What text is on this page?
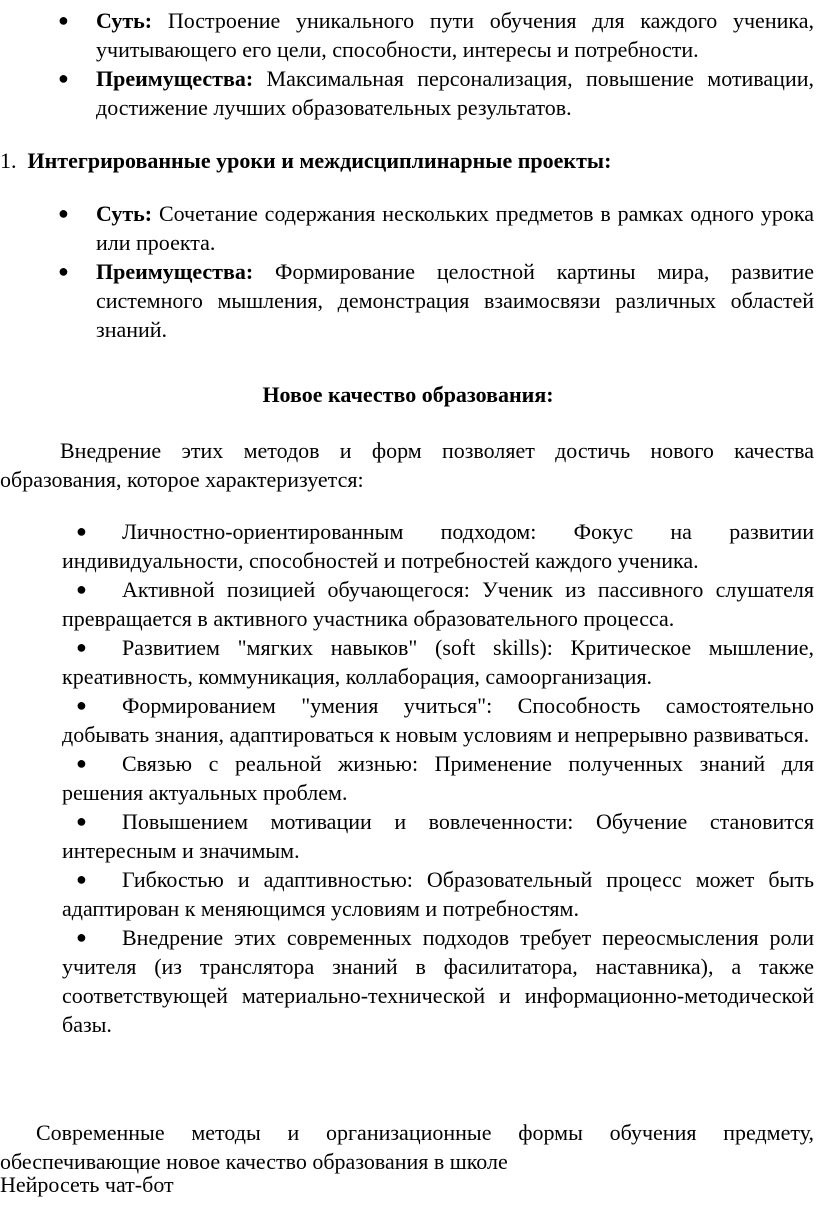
●	Суть: Построение уникального пути обучения для каждого ученика, учитывающего его цели, способности, интересы и потребности.
●	Преимущества: Максимальная персонализация, повышение мотивации, достижение лучших образовательных результатов.
1. Интегрированные уроки и междисциплинарные проекты:
●	Суть: Сочетание содержания нескольких предметов в рамках одного урока или проекта.
●	Преимущества: Формирование целостной картины мира, развитие системного мышления, демонстрация взаимосвязи различных областей знаний.
Новое качество образования:
Внедрение этих методов и форм позволяет достичь нового качества образования, которое характеризуется:
● Личностно-ориентированным подходом: Фокус на развитии индивидуальности, способностей и потребностей каждого ученика.
● Активной позицией обучающегося: Ученик из пассивного слушателя превращается в активного участника образовательного процесса.
● Развитием "мягких навыков" (soft skills): Критическое мышление, креативность, коммуникация, коллаборация, самоорганизация.
● Формированием "умения учиться": Способность самостоятельно добывать знания, адаптироваться к новым условиям и непрерывно развиваться.
● Связью с реальной жизнью: Применение полученных знаний для решения актуальных проблем.
● Повышением мотивации и вовлеченности: Обучение становится интересным и значимым.
● Гибкостью и адаптивностью: Образовательный процесс может быть адаптирован к меняющимся условиям и потребностям.
● Внедрение этих современных подходов требует переосмысления роли учителя (из транслятора знаний в фасилитатора, наставника), а также соответствующей материально-технической и информационно-методической базы.
Современные методы и организационные формы обучения предмету, обеспечивающие новое качество образования в школе
Нейросеть чат-бот
